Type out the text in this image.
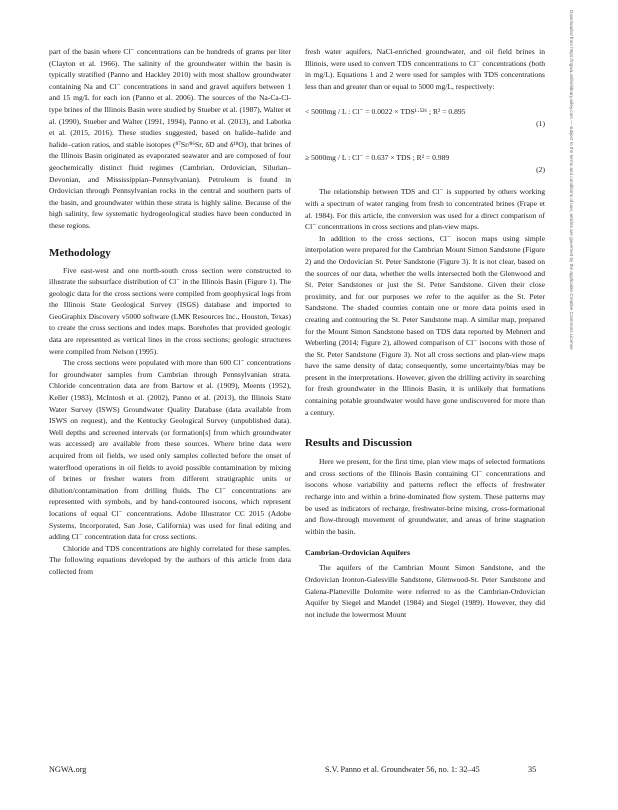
Downloaded from https://ngwa.onlinelibrary.wiley.com — subject to the terms and conditions of use; articles are governed by the applicable Creative Commons License

part of the basin where Cl⁻ concentrations can be hundreds of grams per liter (Clayton et al. 1966). The salinity of the groundwater within the basin is typically stratified (Panno and Hackley 2010) with most shallow groundwater containing Na and Cl⁻ concentrations in sand and gravel aquifers between 1 and 15 mg/L for each ion (Panno et al. 2006). The sources of the Na-Ca-Cl-type brines of the Illinois Basin were studied by Stueber et al. (1987), Walter et al. (1990), Stueber and Walter (1991, 1994), Panno et al. (2013), and Labotka et al. (2015, 2016). These studies suggested, based on halide–halide and halide–cation ratios, and stable isotopes (⁸⁷Sr/⁸⁶Sr, δD and δ¹⁸O), that brines of the Illinois Basin originated as evaporated seawater and are composed of four geochemically distinct fluid regimes (Cambrian, Ordovician, Silurian–Devonian, and Mississippian–Pennsylvanian). Petroleum is found in Ordovician through Pennsylvanian rocks in the central and southern parts of the basin, and groundwater within these strata is highly saline. Because of the high salinity, few systematic hydrogeological studies have been conducted in these regions.

Methodology

Five east-west and one north-south cross section were constructed to illustrate the subsurface distribution of Cl⁻ in the Illinois Basin (Figure 1). The geologic data for the cross sections were compiled from geophysical logs from the Illinois State Geological Survey (ISGS) database and imported to GeoGraphix Discovery v5000 software (LMK Resources Inc., Houston, Texas) to create the cross sections and index maps. Boreholes that provided geologic data are represented as vertical lines in the cross sections; geologic structures were compiled from Nelson (1995).

The cross sections were populated with more than 600 Cl⁻ concentrations for groundwater samples from Cambrian through Pennsylvanian strata. Chloride concentration data are from Bartow et al. (1909), Meents (1952), Keller (1983), McIntosh et al. (2002), Panno et al. (2013), the Illinois State Water Survey (ISWS) Groundwater Quality Database (data available from ISWS on request), and the Kentucky Geological Survey (unpublished data). Well depths and screened intervals (or formation[s] from which groundwater was accessed) are available from these sources. Where brine data were acquired from oil fields, we used only samples collected before the onset of waterflood operations in oil fields to avoid possible contamination by mixing of brines or fresher waters from different stratigraphic units or dilution/contamination from drilling fluids. The Cl⁻ concentrations are represented with symbols, and by hand-contoured isocons, which represent locations of equal Cl⁻ concentrations. Adobe Illustrator CC 2015 (Adobe Systems, Incorporated, San Jose, California) was used for final editing and adding Cl⁻ concentration data for cross sections.

Chloride and TDS concentrations are highly correlated for these samples. The following equations developed by the authors of this article from data collected from

fresh water aquifers, NaCl-enriched groundwater, and oil field brines in Illinois, were used to convert TDS concentrations to Cl⁻ concentrations (both in mg/L). Equations 1 and 2 were used for samples with TDS concentrations less than and greater than or equal to 5000 mg/L, respectively:

< 5000mg / L : Cl⁻ = 0.0022 × TDS¹·⁵²⁶ ; R² = 0.895
(1)
≥ 5000mg / L : Cl⁻ = 0.637 × TDS ; R² = 0.989
(2)

The relationship between TDS and Cl⁻ is supported by others working with a spectrum of water ranging from fresh to concentrated brines (Frape et al. 1984). For this article, the conversion was used for a direct comparison of Cl⁻ concentrations in cross sections and plan-view maps.

In addition to the cross sections, Cl⁻ isocon maps using simple interpolation were prepared for the Cambrian Mount Simon Sandstone (Figure 2) and the Ordovician St. Peter Sandstone (Figure 3). It is not clear, based on the sources of our data, whether the wells intersected both the Glenwood and St. Peter Sandstones or just the St. Peter Sandstone. Given their close proximity, and for our purposes we refer to the aquifer as the St. Peter Sandstone. The shaded counties contain one or more data points used in creating and contouring the St. Peter Sandstone map. A similar map, prepared for the Mount Simon Sandstone based on TDS data reported by Mehnert and Weberling (2014; Figure 2), allowed comparison of Cl⁻ isocons with those of the St. Peter Sandstone (Figure 3). Not all cross sections and plan-view maps have the same density of data; consequently, some uncertainty/bias may be present in the interpretations. However, given the drilling activity in searching for fresh groundwater in the Illinois Basin, it is unlikely that formations containing potable groundwater would have gone undiscovered for more than a century.

Results and Discussion

Here we present, for the first time, plan view maps of selected formations and cross sections of the Illinois Basin containing Cl⁻ concentrations and isocons whose variability and patterns reflect the effects of freshwater recharge into and within a brine-dominated flow system. These patterns may be used as indicators of recharge, freshwater-brine mixing, cross-formational and flow-through movement of groundwater, and areas of brine stagnation within the basin.

Cambrian-Ordovician Aquifers

The aquifers of the Cambrian Mount Simon Sandstone, and the Ordovician Ironton-Galesville Sandstone, Glenwood-St. Peter Sandstone and Galena-Platteville Dolomite were referred to as the Cambrian-Ordovician Aquifer by Siegel and Mandel (1984) and Siegel (1989). However, they did not include the lowermost Mount

NGWA.org	S.V. Panno et al. Groundwater 56, no. 1: 32–45	35
